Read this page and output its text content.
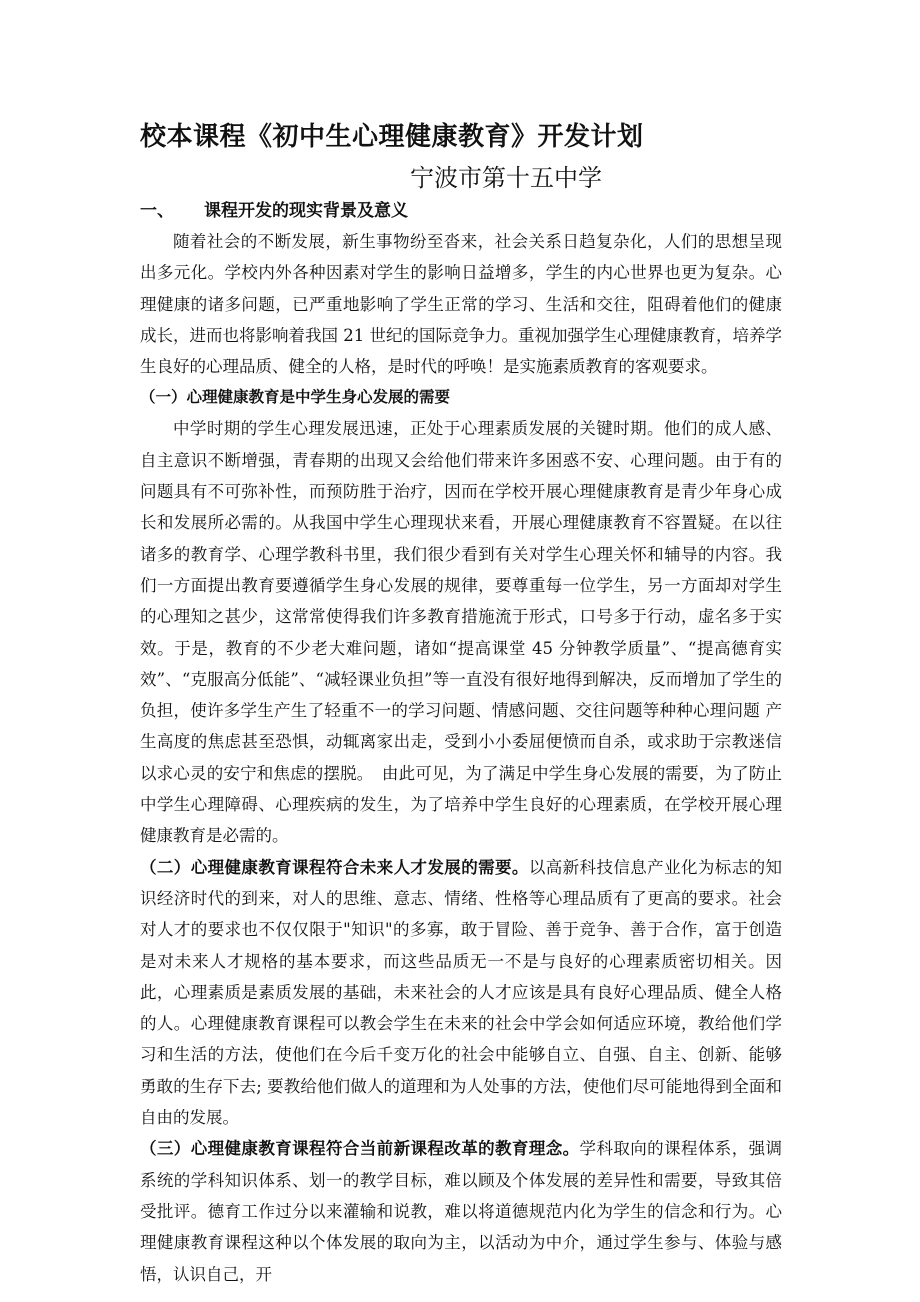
校本课程《初中生心理健康教育》开发计划
宁波市第十五中学
一、	课程开发的现实背景及意义

随着社会的不断发展，新生事物纷至沓来，社会关系日趋复杂化，人们的思想呈现出多元化。学校内外各种因素对学生的影响日益增多，学生的内心世界也更为复杂。心理健康的诸多问题，已严重地影响了学生正常的学习、生活和交往，阻碍着他们的健康成长，进而也将影响着我国 21 世纪的国际竞争力。重视加强学生心理健康教育，培养学生良好的心理品质、健全的人格，是时代的呼唤！是实施素质教育的客观要求。

（一）心理健康教育是中学生身心发展的需要

中学时期的学生心理发展迅速，正处于心理素质发展的关键时期。他们的成人感、自主意识不断增强，青春期的出现又会给他们带来许多困惑不安、心理问题。由于有的问题具有不可弥补性，而预防胜于治疗，因而在学校开展心理健康教育是青少年身心成长和发展所必需的。从我国中学生心理现状来看，开展心理健康教育不容置疑。在以往诸多的教育学、心理学教科书里，我们很少看到有关对学生心理关怀和辅导的内容。我们一方面提出教育要遵循学生身心发展的规律，要尊重每一位学生，另一方面却对学生的心理知之甚少，这常常使得我们许多教育措施流于形式，口号多于行动，虚名多于实效。于是，教育的不少老大难问题，诸如“提高课堂 45 分钟教学质量”、“提高德育实效”、“克服高分低能”、“减轻课业负担”等一直没有很好地得到解决，反而增加了学生的负担，使许多学生产生了轻重不一的学习问题、情感问题、交往问题等种种心理问题 产生高度的焦虑甚至恐惧，动辄离家出走，受到小小委屈便愤而自杀，或求助于宗教迷信以求心灵的安宁和焦虑的摆脱。　由此可见，为了满足中学生身心发展的需要，为了防止中学生心理障碍、心理疾病的发生，为了培养中学生良好的心理素质，在学校开展心理健康教育是必需的。

（二）心理健康教育课程符合未来人才发展的需要。以高新科技信息产业化为标志的知识经济时代的到来，对人的思维、意志、情绪、性格等心理品质有了更高的要求。社会对人才的要求也不仅仅限于"知识"的多寡，敢于冒险、善于竞争、善于合作，富于创造是对未来人才规格的基本要求，而这些品质无一不是与良好的心理素质密切相关。因此，心理素质是素质发展的基础，未来社会的人才应该是具有良好心理品质、健全人格的人。心理健康教育课程可以教会学生在未来的社会中学会如何适应环境，教给他们学习和生活的方法，使他们在今后千变万化的社会中能够自立、自强、自主、创新、能够勇敢的生存下去; 要教给他们做人的道理和为人处事的方法，使他们尽可能地得到全面和自由的发展。

（三）心理健康教育课程符合当前新课程改革的教育理念。学科取向的课程体系，强调系统的学科知识体系、划一的教学目标，难以顾及个体发展的差异性和需要，导致其倍受批评。德育工作过分以来灌输和说教，难以将道德规范内化为学生的信念和行为。心理健康教育课程这种以个体发展的取向为主，以活动为中介，通过学生参与、体验与感悟，认识自己，开
